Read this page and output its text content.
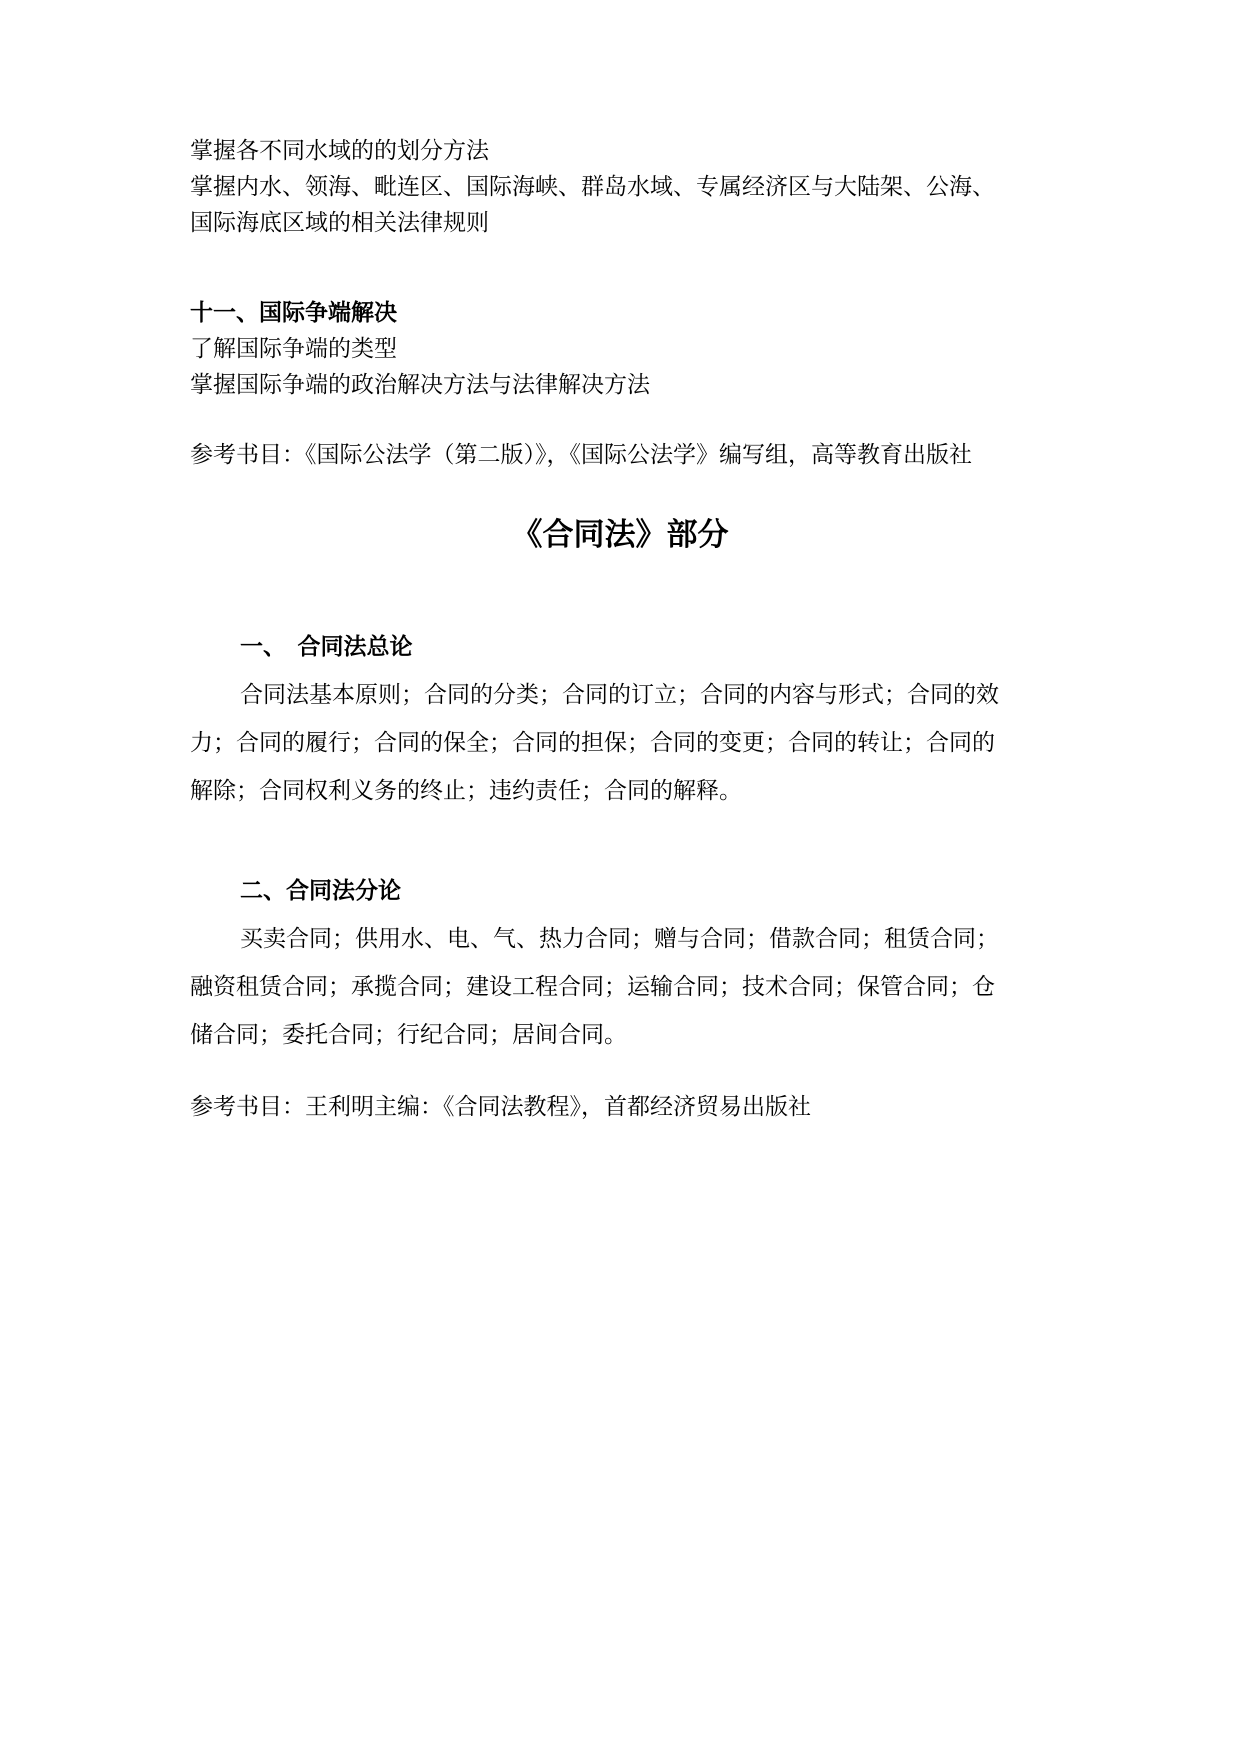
掌握各不同水域的的划分方法
掌握内水、领海、毗连区、国际海峡、群岛水域、专属经济区与大陆架、公海、
国际海底区域的相关法律规则
十一、国际争端解决
了解国际争端的类型
掌握国际争端的政治解决方法与法律解决方法
参考书目：《国际公法学（第二版）》，《国际公法学》编写组，高等教育出版社
《合同法》部分
一、　合同法总论
合同法基本原则；合同的分类；合同的订立；合同的内容与形式；合同的效
力；合同的履行；合同的保全；合同的担保；合同的变更；合同的转让；合同的
解除；合同权利义务的终止；违约责任；合同的解释。
二、合同法分论
买卖合同；供用水、电、气、热力合同；赠与合同；借款合同；租赁合同；
融资租赁合同；承揽合同；建设工程合同；运输合同；技术合同；保管合同；仓
储合同；委托合同；行纪合同；居间合同。
参考书目：王利明主编：《合同法教程》，首都经济贸易出版社
